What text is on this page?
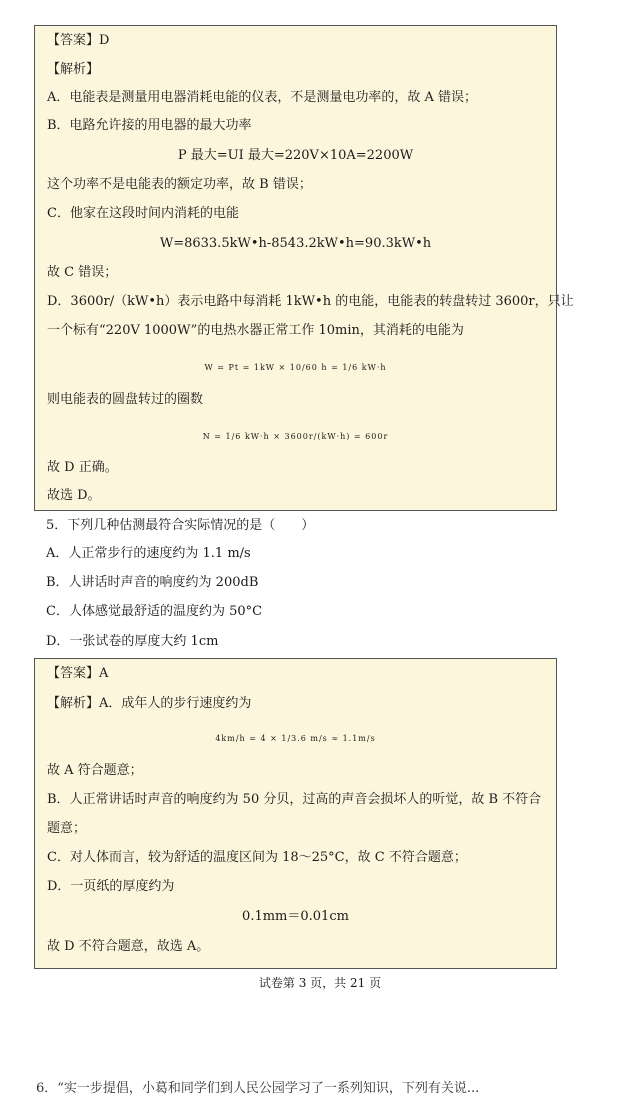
【答案】D
【解析】
A．电能表是测量用电器消耗电能的仪表，不是测量电功率的，故 A 错误；
B．电路允许接的用电器的最大功率
P 最大=UI 最大=220V×10A=2200W
这个功率不是电能表的额定功率，故 B 错误；
C．他家在这段时间内消耗的电能
W=8633.5kW•h-8543.2kW•h=90.3kW•h
故 C 错误；
D．3600r/（kW•h）表示电路中每消耗 1kW•h 的电能，电能表的转盘转过 3600r，只让
一个标有“220V 1000W”的电热水器正常工作 10min，其消耗的电能为
W = Pt = 1kW × 10/60 h = 1/6 kW·h
则电能表的圆盘转过的圈数
N = 1/6 kW·h × 3600r/(kW·h) = 600r
故 D 正确。
故选 D。
5．下列几种估测最符合实际情况的是（　　）
A．人正常步行的速度约为 1.1 m/s
B．人讲话时声音的响度约为 200dB
C．人体感觉最舒适的温度约为 50°C
D．一张试卷的厚度大约 1cm
【答案】A
【解析】A．成年人的步行速度约为
4km/h = 4 × 1/3.6 m/s ≈ 1.1m/s
故 A 符合题意；
B．人正常讲话时声音的响度约为 50 分贝，过高的声音会损坏人的听觉，故 B 不符合
题意；
C．对人体而言，较为舒适的温度区间为 18～25°C，故 C 不符合题意；
D．一页纸的厚度约为
0.1mm＝0.01cm
故 D 不符合题意，故选 A。
试卷第 3 页，共 21 页
6．“实一步提倡，小葛和同学们到人民公园学习了一系列知识，下列有关说...
